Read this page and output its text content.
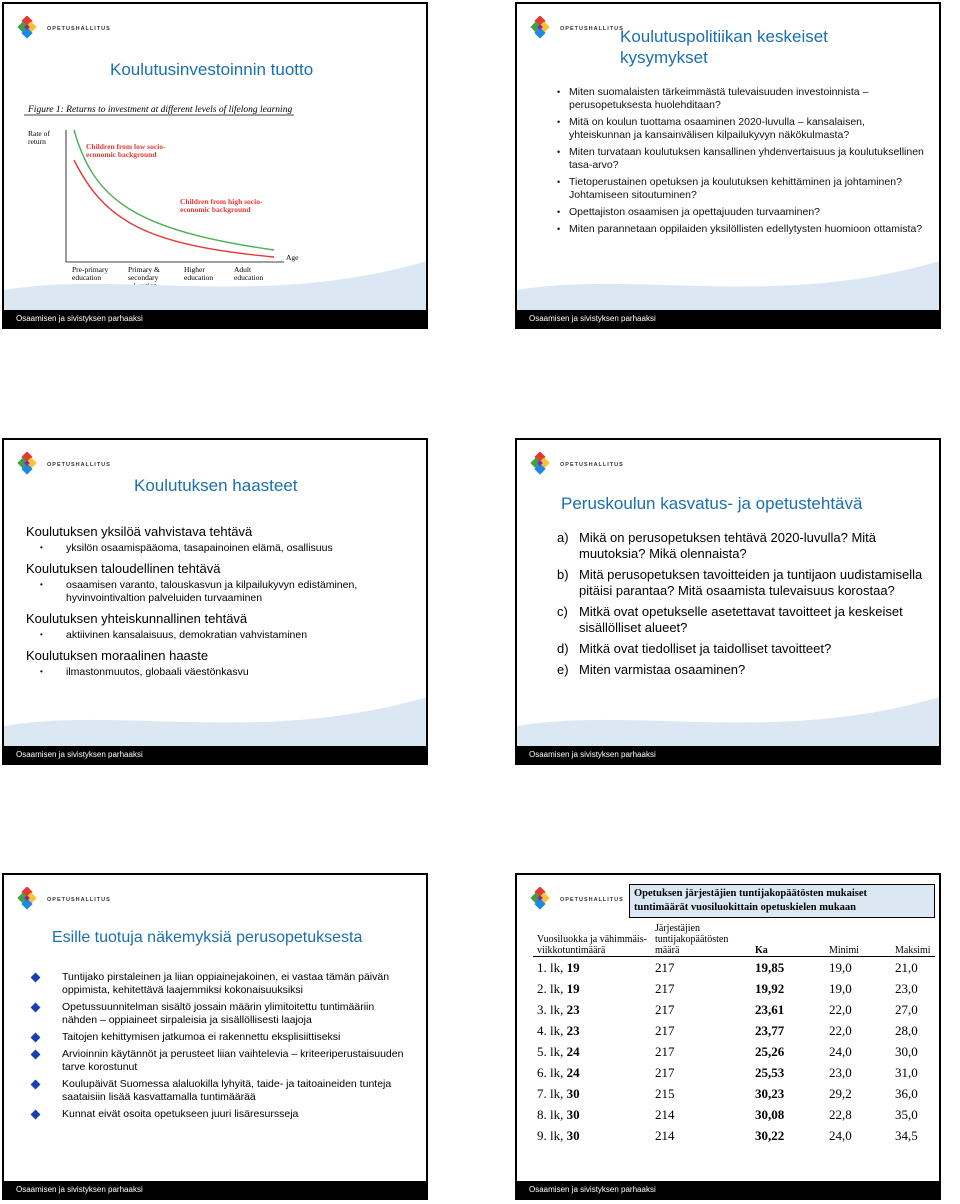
OPETUSHALLITUS
Koulutusinvestoinnin tuotto
Figure 1: Returns to investment at different levels of lifelong learning
Rate of
return
Children from low socio-
economic background
Children from high socio-
economic background
Age
Pre-primary
education
Primary &
secondary
Higher
education
Adult
education
Osaamisen ja sivistyksen parhaaksi
OPETUSHALLITUS
Koulutuspolitiikan keskeiset
kysymykset
• Miten suomalaisten tärkeimmästä tulevaisuuden investoinnista – perusopetuksesta huolehditaan?
• Mitä on koulun tuottama osaaminen 2020-luvulla – kansalaisen, yhteiskunnan ja kansainvälisen kilpailukyvyn näkökulmasta?
• Miten turvataan koulutuksen kansallinen yhdenvertaisuus ja koulutuksellinen tasa-arvo?
• Tietoperustainen opetuksen ja koulutuksen kehittäminen ja johtaminen? Johtamiseen sitoutuminen?
• Opettajiston osaamisen ja opettajuuden turvaaminen?
• Miten parannetaan oppilaiden yksilöllisten edellytysten huomioon ottamista?
Osaamisen ja sivistyksen parhaaksi
OPETUSHALLITUS
Koulutuksen haasteet
Koulutuksen yksilöä vahvistava tehtävä
• yksilön osaamispääoma, tasapainoinen elämä, osallisuus
Koulutuksen taloudellinen tehtävä
• osaamisen varanto, talouskasvun ja kilpailukyvyn edistäminen, hyvinvointivaltion palveluiden turvaaminen
Koulutuksen yhteiskunnallinen tehtävä
• aktiivinen kansalaisuus, demokratian vahvistaminen
Koulutuksen moraalinen haaste
• ilmastonmuutos, globaali väestönkasvu
Osaamisen ja sivistyksen parhaaksi
OPETUSHALLITUS
Peruskoulun kasvatus- ja opetustehtävä
a) Mikä on perusopetuksen tehtävä 2020-luvulla? Mitä muutoksia? Mikä olennaista?
b) Mitä perusopetuksen tavoitteiden ja tuntijaon uudistamisella pitäisi parantaa? Mitä osaamista tulevaisuus korostaa?
c) Mitkä ovat opetukselle asetettavat tavoitteet ja keskeiset sisällölliset alueet?
d) Mitkä ovat tiedolliset ja taidolliset tavoitteet?
e) Miten varmistaa osaaminen?
Osaamisen ja sivistyksen parhaaksi
OPETUSHALLITUS
Esille tuotuja näkemyksiä perusopetuksesta
Tuntijako pirstaleinen ja liian oppiainejakoinen, ei vastaa tämän päivän oppimista, kehitettävä laajemmiksi kokonaisuuksiksi
Opetussuunnitelman sisältö jossain määrin ylimitoitettu tuntimääriin nähden – oppiaineet sirpaleisia ja sisällöllisesti laajoja
Taitojen kehittymisen jatkumoa ei rakennettu eksplisiittiseksi
Arvioinnin käytännöt ja perusteet liian vaihtelevia – kriteeriperustaisuuden tarve korostunut
Koulupäivät Suomessa alaluokilla lyhyitä, taide- ja taitoaineiden tunteja saataisiin lisää kasvattamalla tuntimäärää
Kunnat eivät osoita opetukseen juuri lisäresursseja
Osaamisen ja sivistyksen parhaaksi
OPETUSHALLITUS
Opetuksen järjestäjien tuntijakopäätösten mukaiset
tuntimäärät vuosiluokittain opetuskielen mukaan
Vuosiluokka ja vähimmäis-viikkotuntimäärä	Järjestäjien tuntijakopäätösten määrä	Ka	Minimi	Maksimi
1. lk, 19	217	19,85	19,0	21,0
2. lk, 19	217	19,92	19,0	23,0
3. lk, 23	217	23,61	22,0	27,0
4. lk, 23	217	23,77	22,0	28,0
5. lk, 24	217	25,26	24,0	30,0
6. lk, 24	217	25,53	23,0	31,0
7. lk, 30	215	30,23	29,2	36,0
8. lk, 30	214	30,08	22,8	35,0
9. lk, 30	214	30,22	24,0	34,5
Osaamisen ja sivistyksen parhaaksi
